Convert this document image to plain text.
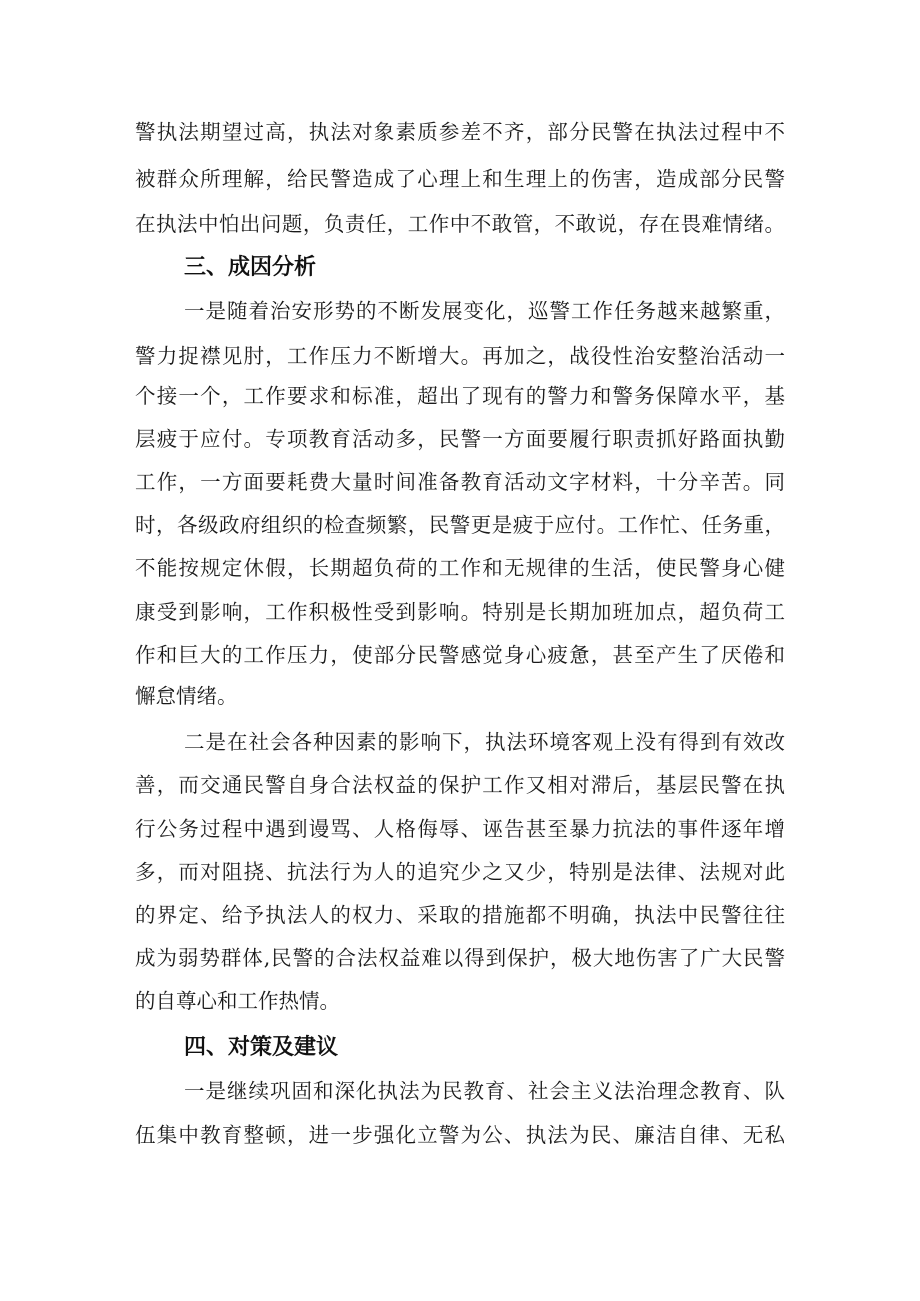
警执法期望过高，执法对象素质参差不齐，部分民警在执法过程中不
被群众所理解，给民警造成了心理上和生理上的伤害，造成部分民警
在执法中怕出问题，负责任，工作中不敢管，不敢说，存在畏难情绪。
三、成因分析
一是随着治安形势的不断发展变化，巡警工作任务越来越繁重，
警力捉襟见肘，工作压力不断增大。再加之，战役性治安整治活动一
个接一个，工作要求和标准，超出了现有的警力和警务保障水平，基
层疲于应付。专项教育活动多，民警一方面要履行职责抓好路面执勤
工作，一方面要耗费大量时间准备教育活动文字材料，十分辛苦。同
时，各级政府组织的检查频繁，民警更是疲于应付。工作忙、任务重，
不能按规定休假，长期超负荷的工作和无规律的生活，使民警身心健
康受到影响，工作积极性受到影响。特别是长期加班加点，超负荷工
作和巨大的工作压力，使部分民警感觉身心疲惫，甚至产生了厌倦和
懈怠情绪。
二是在社会各种因素的影响下，执法环境客观上没有得到有效改
善，而交通民警自身合法权益的保护工作又相对滞后，基层民警在执
行公务过程中遇到谩骂、人格侮辱、诬告甚至暴力抗法的事件逐年增
多，而对阻挠、抗法行为人的追究少之又少，特别是法律、法规对此
的界定、给予执法人的权力、采取的措施都不明确，执法中民警往往
成为弱势群体,民警的合法权益难以得到保护，极大地伤害了广大民警
的自尊心和工作热情。
四、对策及建议
一是继续巩固和深化执法为民教育、社会主义法治理念教育、队
伍集中教育整顿，进一步强化立警为公、执法为民、廉洁自律、无私
